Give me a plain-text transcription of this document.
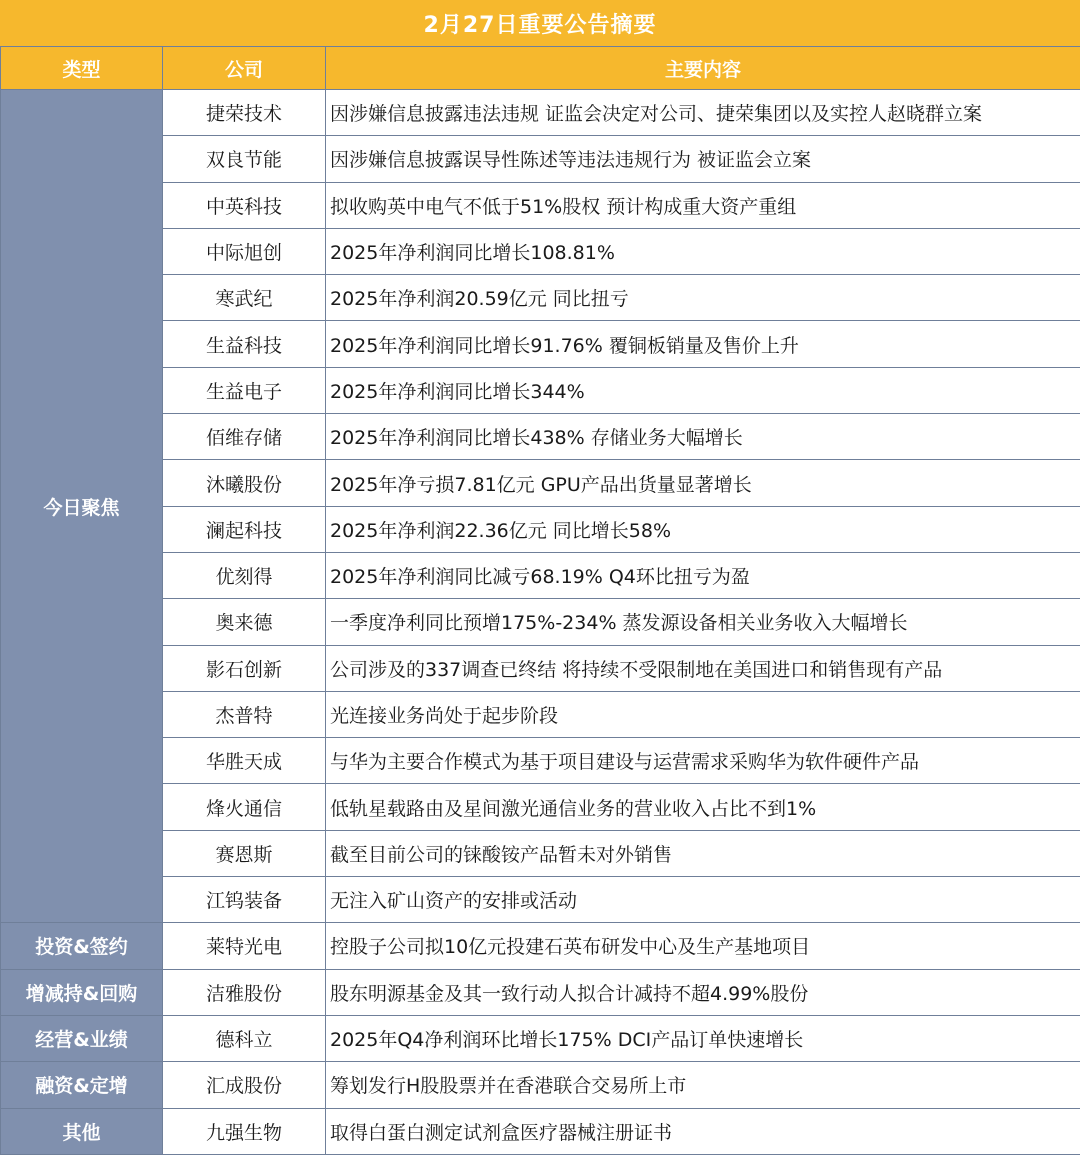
2月27日重要公告摘要
类型	公司	主要内容
今日聚焦	捷荣技术	因涉嫌信息披露违法违规 证监会决定对公司、捷荣集团以及实控人赵晓群立案
	双良节能	因涉嫌信息披露误导性陈述等违法违规行为 被证监会立案
	中英科技	拟收购英中电气不低于51%股权 预计构成重大资产重组
	中际旭创	2025年净利润同比增长108.81%
	寒武纪	2025年净利润20.59亿元 同比扭亏
	生益科技	2025年净利润同比增长91.76% 覆铜板销量及售价上升
	生益电子	2025年净利润同比增长344%
	佰维存储	2025年净利润同比增长438% 存储业务大幅增长
	沐曦股份	2025年净亏损7.81亿元 GPU产品出货量显著增长
	澜起科技	2025年净利润22.36亿元 同比增长58%
	优刻得	2025年净利润同比减亏68.19% Q4环比扭亏为盈
	奥来德	一季度净利同比预增175%-234% 蒸发源设备相关业务收入大幅增长
	影石创新	公司涉及的337调查已终结 将持续不受限制地在美国进口和销售现有产品
	杰普特	光连接业务尚处于起步阶段
	华胜天成	与华为主要合作模式为基于项目建设与运营需求采购华为软件硬件产品
	烽火通信	低轨星载路由及星间激光通信业务的营业收入占比不到1%
	赛恩斯	截至目前公司的铼酸铵产品暂未对外销售
	江钨装备	无注入矿山资产的安排或活动
投资&签约	莱特光电	控股子公司拟10亿元投建石英布研发中心及生产基地项目
增减持&回购	洁雅股份	股东明源基金及其一致行动人拟合计减持不超4.99%股份
经营&业绩	德科立	2025年Q4净利润环比增长175% DCI产品订单快速增长
融资&定增	汇成股份	筹划发行H股股票并在香港联合交易所上市
其他	九强生物	取得白蛋白测定试剂盒医疗器械注册证书
